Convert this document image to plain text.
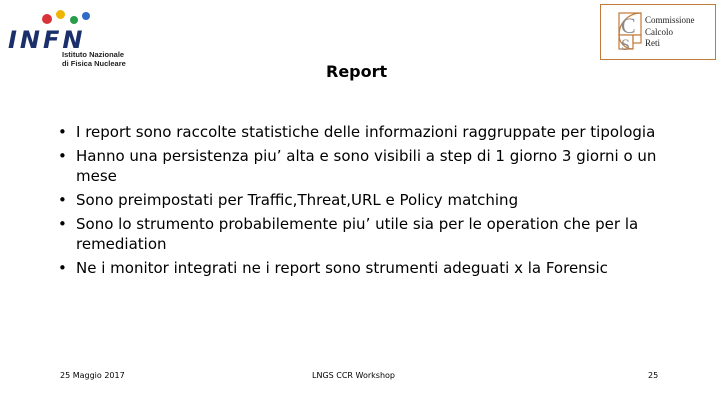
INFN
Istituto Nazionale
di Fisica Nucleare
C
S
Commissione
Calcolo
Reti
Report
• I report sono raccolte statistiche delle informazioni raggruppate per tipologia
• Hanno una persistenza piu’ alta e sono visibili a step di 1 giorno 3 giorni o un mese
• Sono preimpostati per Traffic,Threat,URL e Policy matching
• Sono lo strumento probabilemente piu’ utile sia per le operation che per la remediation
• Ne i monitor integrati ne i report sono strumenti adeguati x la Forensic
25 Maggio 2017	LNGS CCR Workshop	25
